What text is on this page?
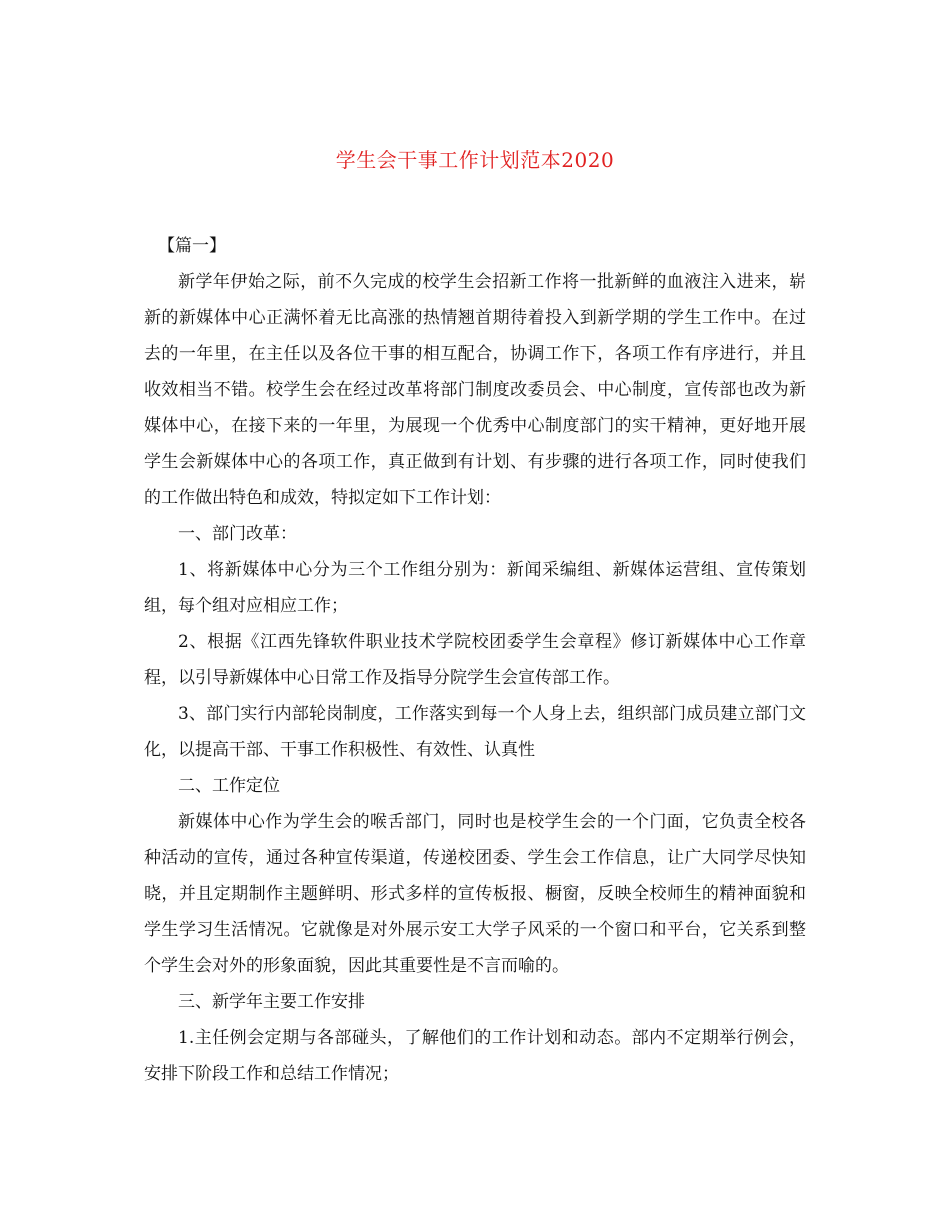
学生会干事工作计划范本2020

【篇一】

新学年伊始之际，前不久完成的校学生会招新工作将一批新鲜的血液注入进来，崭新的新媒体中心正满怀着无比高涨的热情翘首期待着投入到新学期的学生工作中。在过去的一年里，在主任以及各位干事的相互配合，协调工作下，各项工作有序进行，并且收效相当不错。校学生会在经过改革将部门制度改委员会、中心制度，宣传部也改为新媒体中心，在接下来的一年里，为展现一个优秀中心制度部门的实干精神，更好地开展学生会新媒体中心的各项工作，真正做到有计划、有步骤的进行各项工作，同时使我们的工作做出特色和成效，特拟定如下工作计划：

一、部门改革：

1、将新媒体中心分为三个工作组分别为：新闻采编组、新媒体运营组、宣传策划组，每个组对应相应工作；

2、根据《江西先锋软件职业技术学院校团委学生会章程》修订新媒体中心工作章程，以引导新媒体中心日常工作及指导分院学生会宣传部工作。

3、部门实行内部轮岗制度，工作落实到每一个人身上去，组织部门成员建立部门文化，以提高干部、干事工作积极性、有效性、认真性

二、工作定位

新媒体中心作为学生会的喉舌部门，同时也是校学生会的一个门面，它负责全校各种活动的宣传，通过各种宣传渠道，传递校团委、学生会工作信息，让广大同学尽快知晓，并且定期制作主题鲜明、形式多样的宣传板报、橱窗，反映全校师生的精神面貌和学生学习生活情况。它就像是对外展示安工大学子风采的一个窗口和平台，它关系到整个学生会对外的形象面貌，因此其重要性是不言而喻的。

三、新学年主要工作安排

1.主任例会定期与各部碰头，了解他们的工作计划和动态。部内不定期举行例会，安排下阶段工作和总结工作情况；
